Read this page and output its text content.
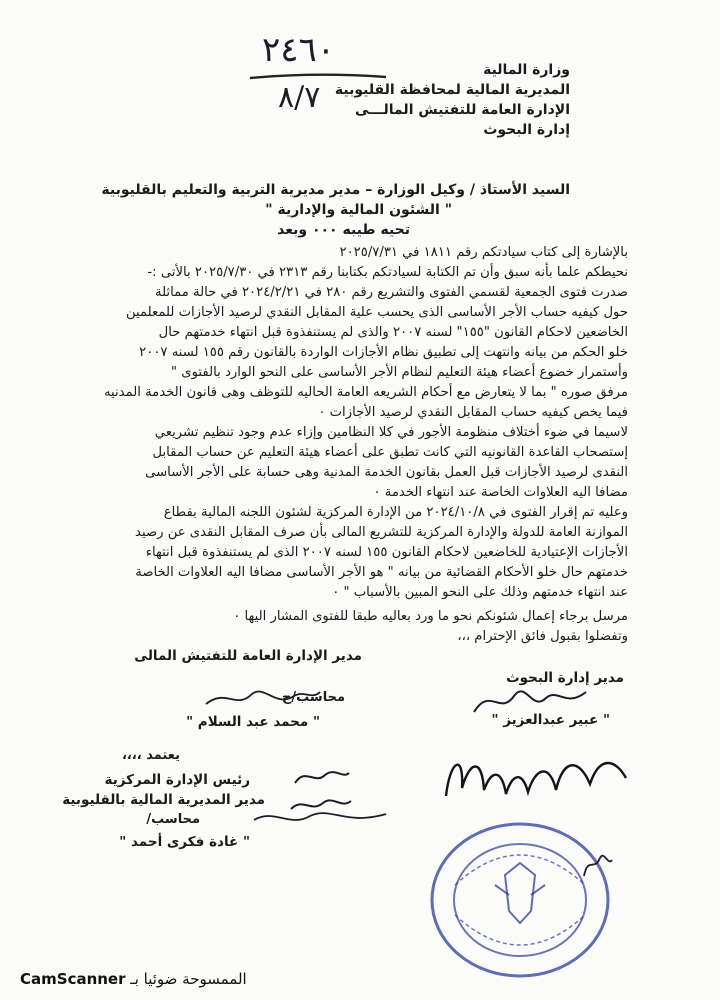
٢٤٦٠
٨/٧
وزارة المالية
المديرية المالية لمحافظة القليوبية
الإدارة العامة للتفتيش المالـــى
إدارة البحوث
السيد الأستاذ / وكيل الوزارة – مدير مديرية التربية والتعليم بالقليوبية
" الشئون المالية والإدارية "
تحيه طيبه ٠٠٠ وبعد
بالإشارة إلى كتاب سيادتكم رقم ١٨١١ في ٢٠٢٥/٧/٣١
نحيطكم علما بأنه سبق وأن تم الكتابة لسيادتكم بكتابنا رقم ٢٣١٣ في ٢٠٢٥/٧/٣٠ بالأتى :-
صدرت فتوى الجمعية لقسمي الفتوى والتشريع رقم ٢٨٠ في ٢٠٢٤/٢/٢١ في حالة مماثلة
حول كيفيه حساب الأجر الأساسى الذى يحسب علية المقابل النقدي لرصيد الأجازات للمعلمين
الخاضعين لاحكام القانون "١٥٥" لسنه ٢٠٠٧ والذى لم يستنفذوة قبل انتهاء خدمتهم حال
خلو الحكم من بيانه وانتهت إلى تطبيق نظام الأجازات الواردة بالقانون رقم ١٥٥ لسنه ٢٠٠٧
وأستمرار خضوع أعضاء هيئة التعليم لنظام الأجر الأساسى على النحو الوارد بالفتوى "
مرفق صوره " بما لا يتعارض مع أحكام الشريعه العامة الحاليه للتوظف وهى قانون الخدمة المدنيه
فيما يخص كيفيه حساب المقابل النقدي لرصيد الأجازات ٠
لاسيما في ضوء أختلاف منظومة الأجور في كلا النظامين وإزاء عدم وجود تنظيم تشريعي
إستصحاب القاعدة القانونيه التي كانت تطبق على أعضاء هيئة التعليم عن حساب المقابل
النقدى لرصيد الأجازات قبل العمل بقانون الخدمة المدنية وهى حسابة على الأجر الأساسى
مضافا اليه العلاوات الخاصة عند انتهاء الخدمة ٠
وعليه تم إقرار الفتوى في ٢٠٢٤/١٠/٨ من الإدارة المركزية لشئون اللجنه المالية بقطاع
الموازنة العامة للدولة والإدارة المركزية للتشريع المالى بأن صرف المقابل النقدى عن رصيد
الأجازات الإعتيادية للخاضعين لاحكام القانون ١٥٥ لسنه ٢٠٠٧ الذى لم يستنفذوة قبل انتهاء
خدمتهم حال خلو الأحكام القضائية من بيانه " هو الأجر الأساسى مضافا اليه العلاوات الخاصة
عند انتهاء خدمتهم وذلك على النحو المبين بالأسباب " ٠
مرسل برجاء إعمال شئونكم نحو ما ورد بعاليه طبقا للفتوى المشار اليها ٠
وتفضلوا بقبول فائق الإحترام ،،،
مدير إدارة البحوث
" عبير عبدالعزيز "
مدير الإدارة العامة للتفتيش المالى
محاسب/ح
" محمد عبد السلام "
يعتمد ،،،،
رئيس الإدارة المركزية
مدير المديرية المالية بالقليوبية
محاسب/
" غادة فكرى أحمد "
CamScanner الممسوحة ضوئيا بـ
